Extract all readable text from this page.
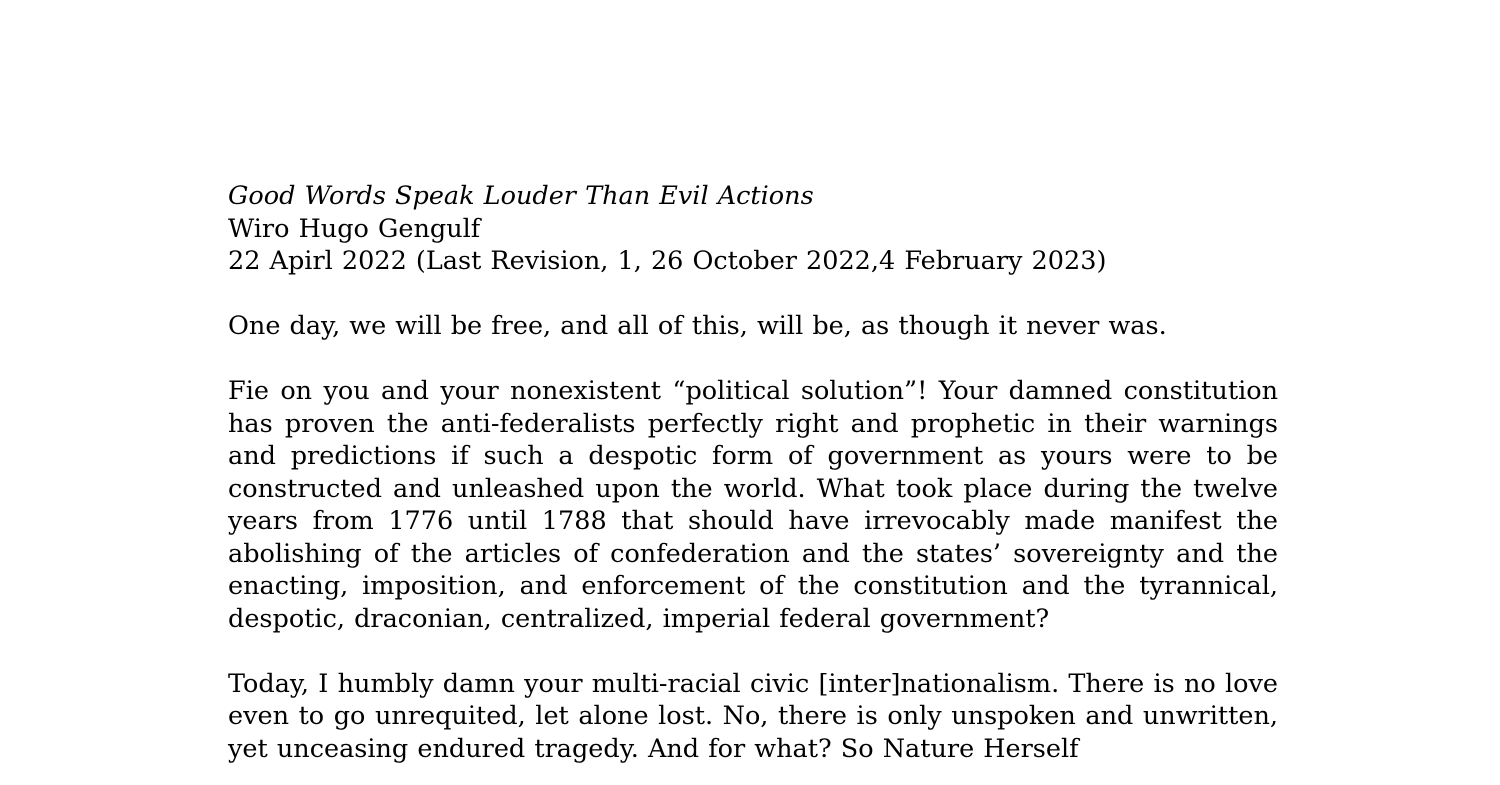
Good Words Speak Louder Than Evil Actions
Wiro Hugo Gengulf
22 Apirl 2022 (Last Revision, 1, 26 October 2022,4 February 2023)

One day, we will be free, and all of this, will be, as though it never was.

Fie on you and your nonexistent “political solution”! Your damned constitution has proven the anti-federalists perfectly right and prophetic in their warnings and predictions if such a despotic form of government as yours were to be constructed and unleashed upon the world. What took place during the twelve years from 1776 until 1788 that should have irrevocably made manifest the abolishing of the articles of confederation and the states’ sovereignty and the enacting, imposition, and enforcement of the constitution and the tyrannical, despotic, draconian, centralized, imperial federal government?

Today, I humbly damn your multi-racial civic [inter]nationalism. There is no love even to go unrequited, let alone lost. No, there is only unspoken and unwritten, yet unceasing endured tragedy. And for what? So Nature Herself
